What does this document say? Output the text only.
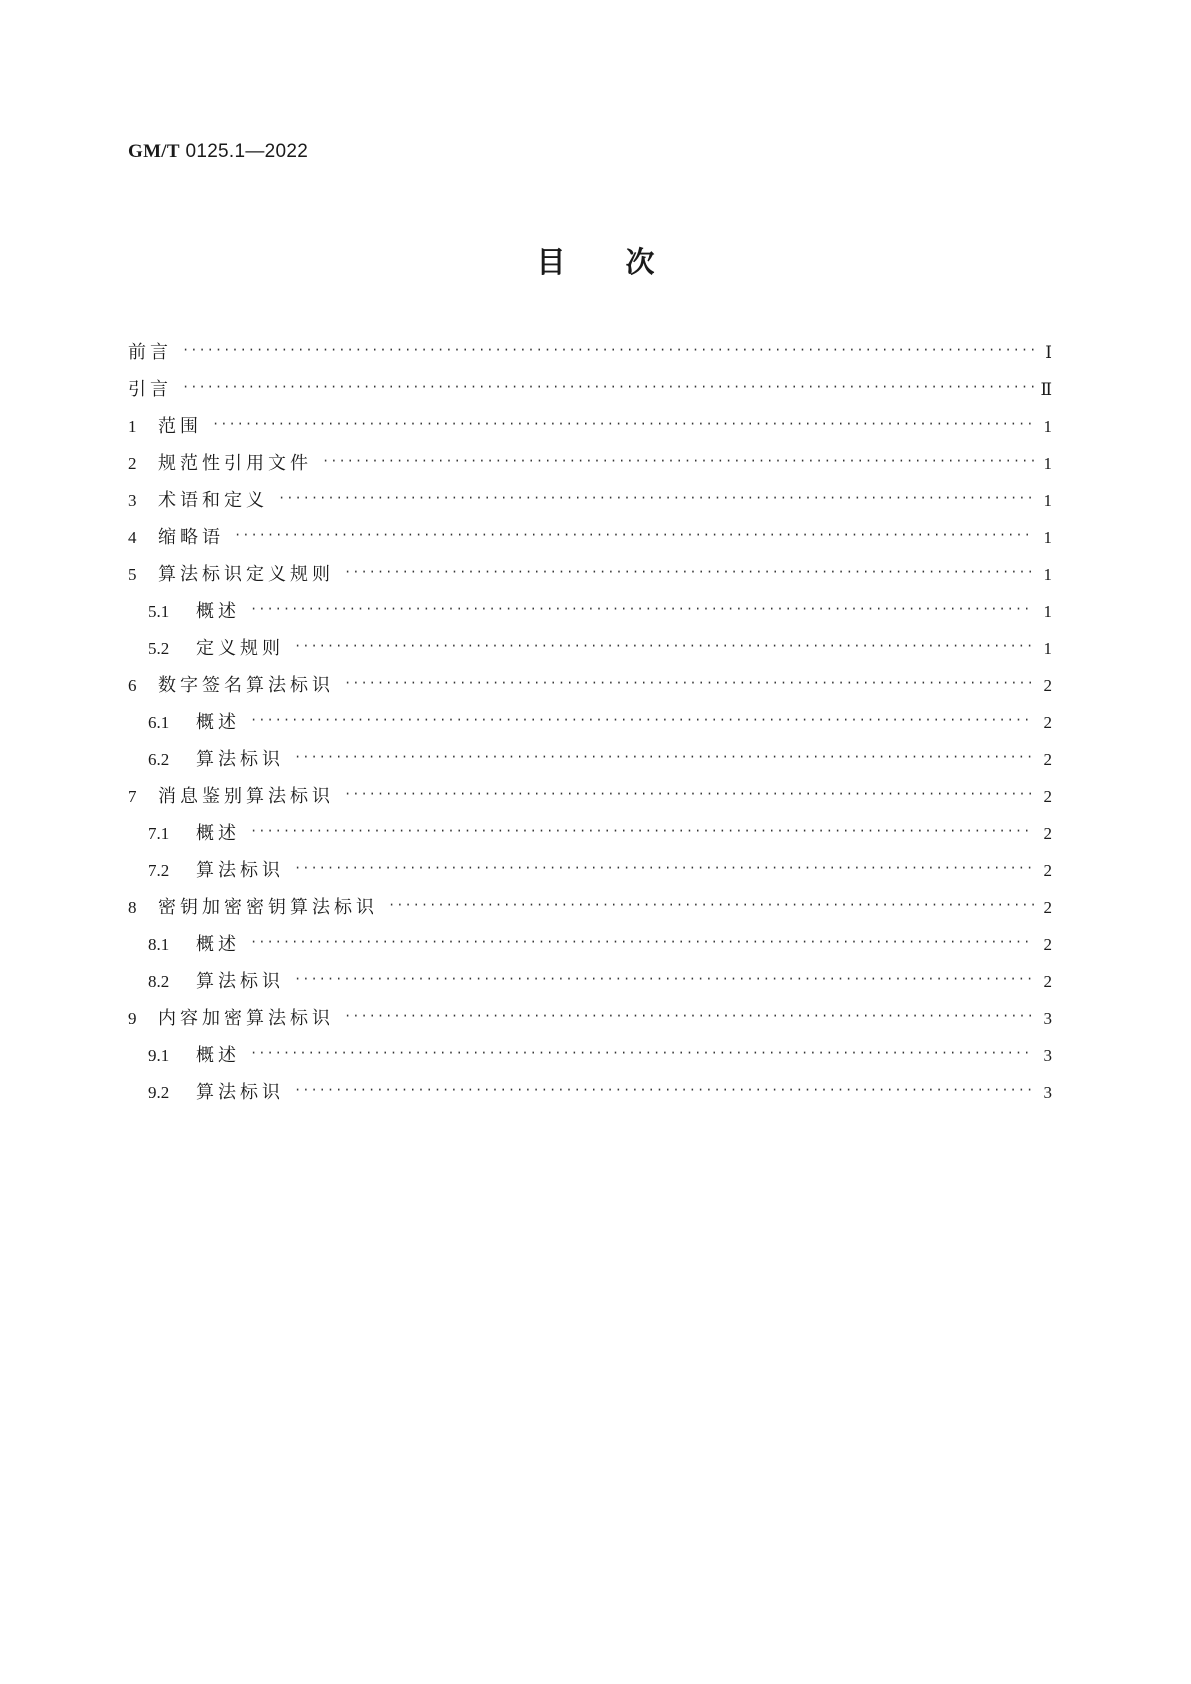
GM/T 0125.1—2022
目次
前言 ·····	Ⅰ
引言 ·····	Ⅱ
1	范围 ·····	1
2	规范性引用文件 ·····	1
3	术语和定义 ·····	1
4	缩略语 ·····	1
5	算法标识定义规则 ·····	1
5.1	概述 ·····	1
5.2	定义规则 ·····	1
6	数字签名算法标识 ·····	2
6.1	概述 ·····	2
6.2	算法标识 ·····	2
7	消息鉴别算法标识 ·····	2
7.1	概述 ·····	2
7.2	算法标识 ·····	2
8	密钥加密密钥算法标识 ·····	2
8.1	概述 ·····	2
8.2	算法标识 ·····	2
9	内容加密算法标识 ·····	3
9.1	概述 ·····	3
9.2	算法标识 ·····	3
